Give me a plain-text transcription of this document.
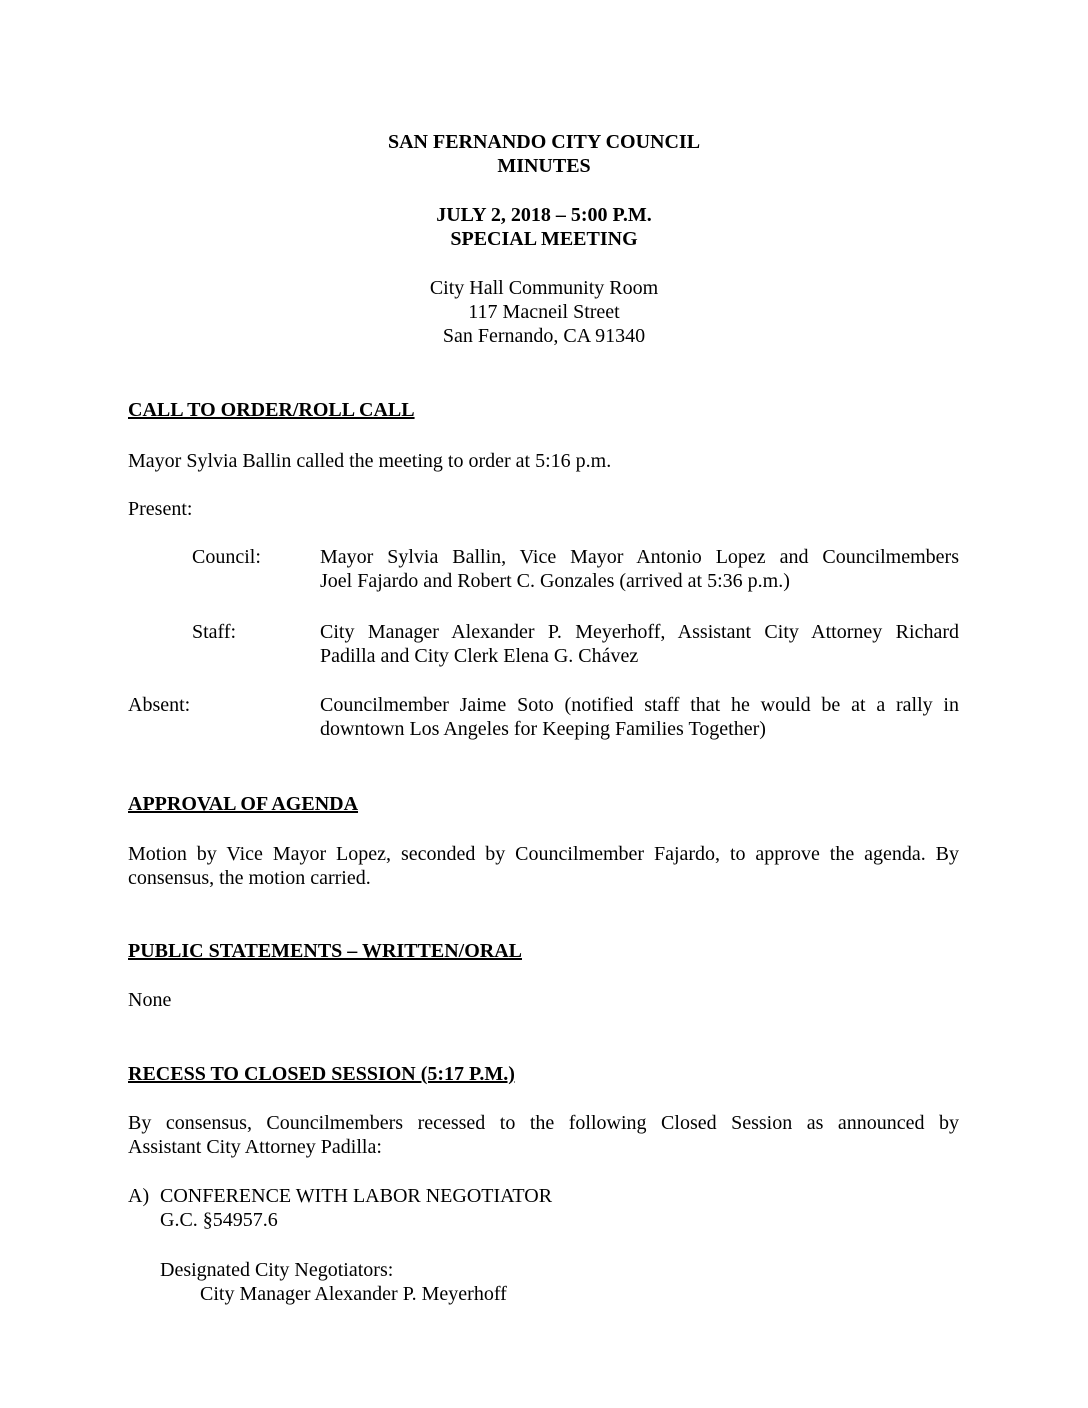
SAN FERNANDO CITY COUNCIL
MINUTES
JULY 2, 2018 – 5:00 P.M.
SPECIAL MEETING
City Hall Community Room
117 Macneil Street
San Fernando, CA 91340
CALL TO ORDER/ROLL CALL
Mayor Sylvia Ballin called the meeting to order at 5:16 p.m.
Present:
Council:	Mayor Sylvia Ballin, Vice Mayor Antonio Lopez and Councilmembers
Joel Fajardo and Robert C. Gonzales (arrived at 5:36 p.m.)
Staff:	City Manager Alexander P. Meyerhoff, Assistant City Attorney Richard
Padilla and City Clerk Elena G. Chávez
Absent:	Councilmember Jaime Soto (notified staff that he would be at a rally in
downtown Los Angeles for Keeping Families Together)
APPROVAL OF AGENDA
Motion by Vice Mayor Lopez, seconded by Councilmember Fajardo, to approve the agenda. By
consensus, the motion carried.
PUBLIC STATEMENTS – WRITTEN/ORAL
None
RECESS TO CLOSED SESSION (5:17 P.M.)
By consensus, Councilmembers recessed to the following Closed Session as announced by
Assistant City Attorney Padilla:
A) CONFERENCE WITH LABOR NEGOTIATOR
G.C. §54957.6
Designated City Negotiators:
City Manager Alexander P. Meyerhoff
